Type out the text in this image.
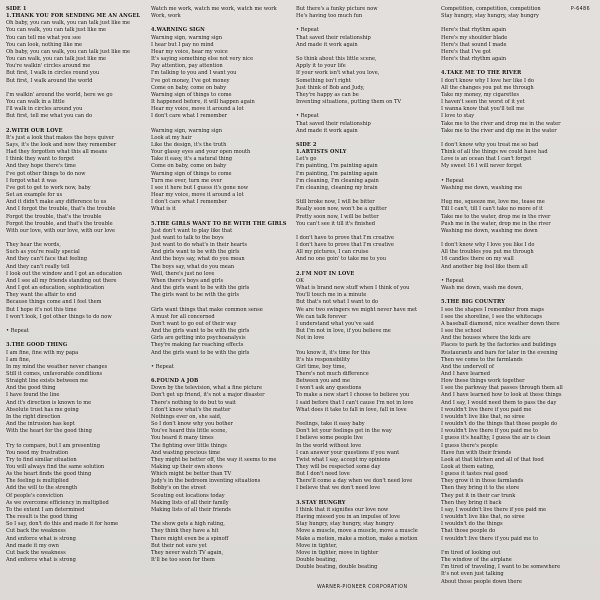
P-6486
SIDE 1
1.THANK YOU FOR SENDING ME AN ANGEL
Oh baby, you can walk, you can talk just like me
You can walk, you can talk just like me
You can tell me what you see
You can look, nothing like me
Oh baby, you can walk, you can talk just like me
You can walk, you can talk just like me
You're walkin' circles around me
But first, I walk in circles round you
But first, I walk around the world

I'm walkin' around the world, here we go
You can walk in a little
I'll walk in circles around you
But first, tell me what you can do

2.WITH OUR LOVE
It's just a look that makes the boys quiver
Says, it's the look and now they remember
Had they forgotten what this all means
I think they want to forget
And they hope there's time
I've got other things to do now
I forgot what it was
I've got to get to work now, baby
Set an example for us
And it didn't make any difference to us
And I forgot the trouble, that's the trouble
Forgot the trouble, that's the trouble
Forgot the trouble, and that's the trouble
With our love, with our love, with our love

They hear the words,
Such as you're really special
And they can't face that feeling
And they can't really tell
I look out the window and I got an education
And I see all my friends standing out there
And I got an education, sophistication
They want the affair to end
Because things come and I feel them
But I hope it's not this time
I won't look, I got other things to do now

• Repeat

3.THE GOOD THING
I am fine, fine with my papa
I am fine,
In my mind the weather never changes
Still it comes, unfavorable conditions
Straight line exists between me
And the good thing
I have found the line
And it's direction is known to me
Absolute trust has me going
In the right direction
And the intrusion has kept
With the heart for the good thing

Try to compare, but I am presenting
You need my frustration
Try to find similar situation
You will always find the same solution
As the heart finds the good thing
The feeling is multiplied
Add the will to the strength
Of people's conviction
As we overcome efficiency in multiplied
To the extent I am determined
The result is the good thing
So I say, don't do this and made it for home
Cut back the weakness
And enforce what is strong
And made it my own
Cut back the weakness
And enforce what is strong
Watch me work, watch me work, watch me work
Work, work

4.WARNING SIGN
Warning sign, warning sign
I hear but I pay no mind
Hear my voice, hear my voice
It's saying something else not very nice
Pay attention, pay attention
I'm talking to you and I want you
I've got money, I've got money
Come on baby, come on baby
Warning sign of things to come
It happened before, it will happen again
Hear my voice, move it around a lot
I don't care what I remember

Warning sign, warning sign
Look at my hair
Like the design, it's the truth
Your glassy eyes and your open mouth
Take it easy, it's a natural thing
Come on baby, come on baby
Warning sign of things to come
Turn me over, turn me over
I see it here but I guess it's gone now
Hear my voice, move it around a lot
I don't care what I remember
What is it

5.THE GIRLS WANT TO BE WITH THE GIRLS
Just don't want to play like that
Just want to talk to the boys
Just want to do what's in their hearts
And girls want to be with the girls
And the boys say, what do you mean
The boys say, what do you mean
Well, there's just no love
When there's boys and girls
And the girls want to be with the girls
The girls want to be with the girls

Girls want things that make common sense
A must for all concerned
Don't want to go out of their way
And the girls want to be with the girls
Girls are getting into psychoanalysis
They're making far reaching effects
And the girls want to be with the girls

• Repeat

6.FOUND A JOB
Down by the television, what a fine picture
Don't get up friend, it's not a major disaster
There's nothing to do but to wait
I don't know what's the matter
Nothings ever on, she said,
So I don't know why you bother
You've heard this little scene,
You heard it many times
The fighting over little things
And wasting precious time
They might be better off, the way it seems to me
Making up their own shows
Which might be better than TV
Judy's in the bedroom inventing situations
Bobby's on the street
Scouting out locations today
Making lists of all their family
Making lists of all their friends

The show gets a high rating,
They think they have a hit
There might even be a spinoff
But their not sure yet
They never watch TV again,
It'll be too soon for them
But there's a funky picture now
He's having too much fun

• Repeat
That saved their relationship
And made it work again

So think about this little scene,
Apply it to your life
If your work isn't what you love,
Something isn't right
Just think of Bob and Judy,
They're happy as can be
Inventing situations, putting them on TV

• Repeat
That saved their relationship
And made it work again

SIDE 2
1.ARTISTS ONLY
Let's go
I'm painting, I'm painting again
I'm painting, I'm painting again
I'm cleaning, I'm cleaning again
I'm cleaning, cleaning my brain

Still broke now, I will be bitter
Really soon now, won't be a quitter
Pretty soon now, I will be better
You can't see it till it's finished

I don't have to prove that I'm creative
I don't have to prove that I'm creative
All my pictures, I can cruise
And no one goin' to take me to you

2.I'M NOT IN LOVE
OK
What is brand new stuff when I think of you
You'll touch me in a minute
But that's not what I want to do
We are two swingers we might never have met
We can talk forever
I understand what you've said
But I'm not in love, if you believe me
Not in love

You know it, it's time for this
It's his responsibility
Girl time, boy time,
There's not much difference
Between you and me
I won't ask any questions
To make a new start I choose to believe you
I said before that I can't cause I'm not in love
What does it take to fall in love, fall in love

Feelings, take it easy baby
Don't let your feelings get in the way
I believe some people live
In the world without love
I can answer your questions if you want
Twist what I say, accept my opinions
They will be respected some day
But I don't need love
There'll come a day when we don't need love
I believe that we don't need love

3.STAY HUNGRY
I think that it signifies our love now
Having missed you in an impulse of love
Stay hungry, stay hungry, stay hungry
Move a muscle, move a muscle, move a muscle
Make a motion, make a motion, make a motion
Move in tighter,
Move in tighter, move in tighter
Double beating,
Double beating, double beating
Competition, competition, competition
Stay hungry, stay hungry, stay hungry

Here's that rhythm again
Here's my shoulder blade
Here's that sound I made
Here's that I've got
Here's that rhythm again

4.TAKE ME TO THE RIVER
I don't know why I love her like I do
All the changes you put me through
Take my money, my cigarettes
I haven't seen the worst of it yet
I wanna know that you'll tell me
I love to stay
Take me to the river and drop me in the water
Take me to the river and dip me in the water

I don't know why you treat me so bad
Think of all the things we could have had
Love is an ocean that I can't forget
My sweet 16 I will never forget

• Repeat
Washing me down, washing me

Hug me, squeeze me, love me, tease me
Till I can't, till I can't take no more of it
Take me to the water, drop me in the river
Push me in the water, drop me in the river
Washing me down, washing me down

I don't know why I love you like I do
All the troubles you put me through
16 candles there on my wall
And another big fool like them all

• Repeat
Wash me down, wash me down,

5.THE BIG COUNTRY
I see the shapes I remember from maps
I see the shoreline, I see the whitecaps
A baseball diamond, nice weather down there
I see the school
And the houses where the kids are
Places to park by the factories and buildings
Restaurants and bars for later in the evening
Then we come to the farmlands
And the undervoll of
And I have learned
How these things work together
I see the parkway that passes through them all
And I have learned how to look at these things
And I say, I would need them to pass the day
I wouldn't live there if you paid me
I wouldn't live like that, no siree
I wouldn't do the things that those people do
I wouldn't live there if you paid me to
I guess it's healthy, I guess the air is clean
I guess there's people
Have fun with their friends
Look at that kitchen and all of that food
Look at them eating,
I guess it tastes real good
They grow it in those farmlands
Then they bring it to the store
They put it in their car trunk
Then they bring it back
I say, I wouldn't live there if you paid me
I wouldn't live like that, no siree
I wouldn't do the things
That those people do
I wouldn't live there if you paid me to

I'm tired of looking out
The window of the airplane
I'm tired of traveling, I want to be somewhere
It's not even just talking
About those people down there
WARNER-PIONEER CORPORATION
